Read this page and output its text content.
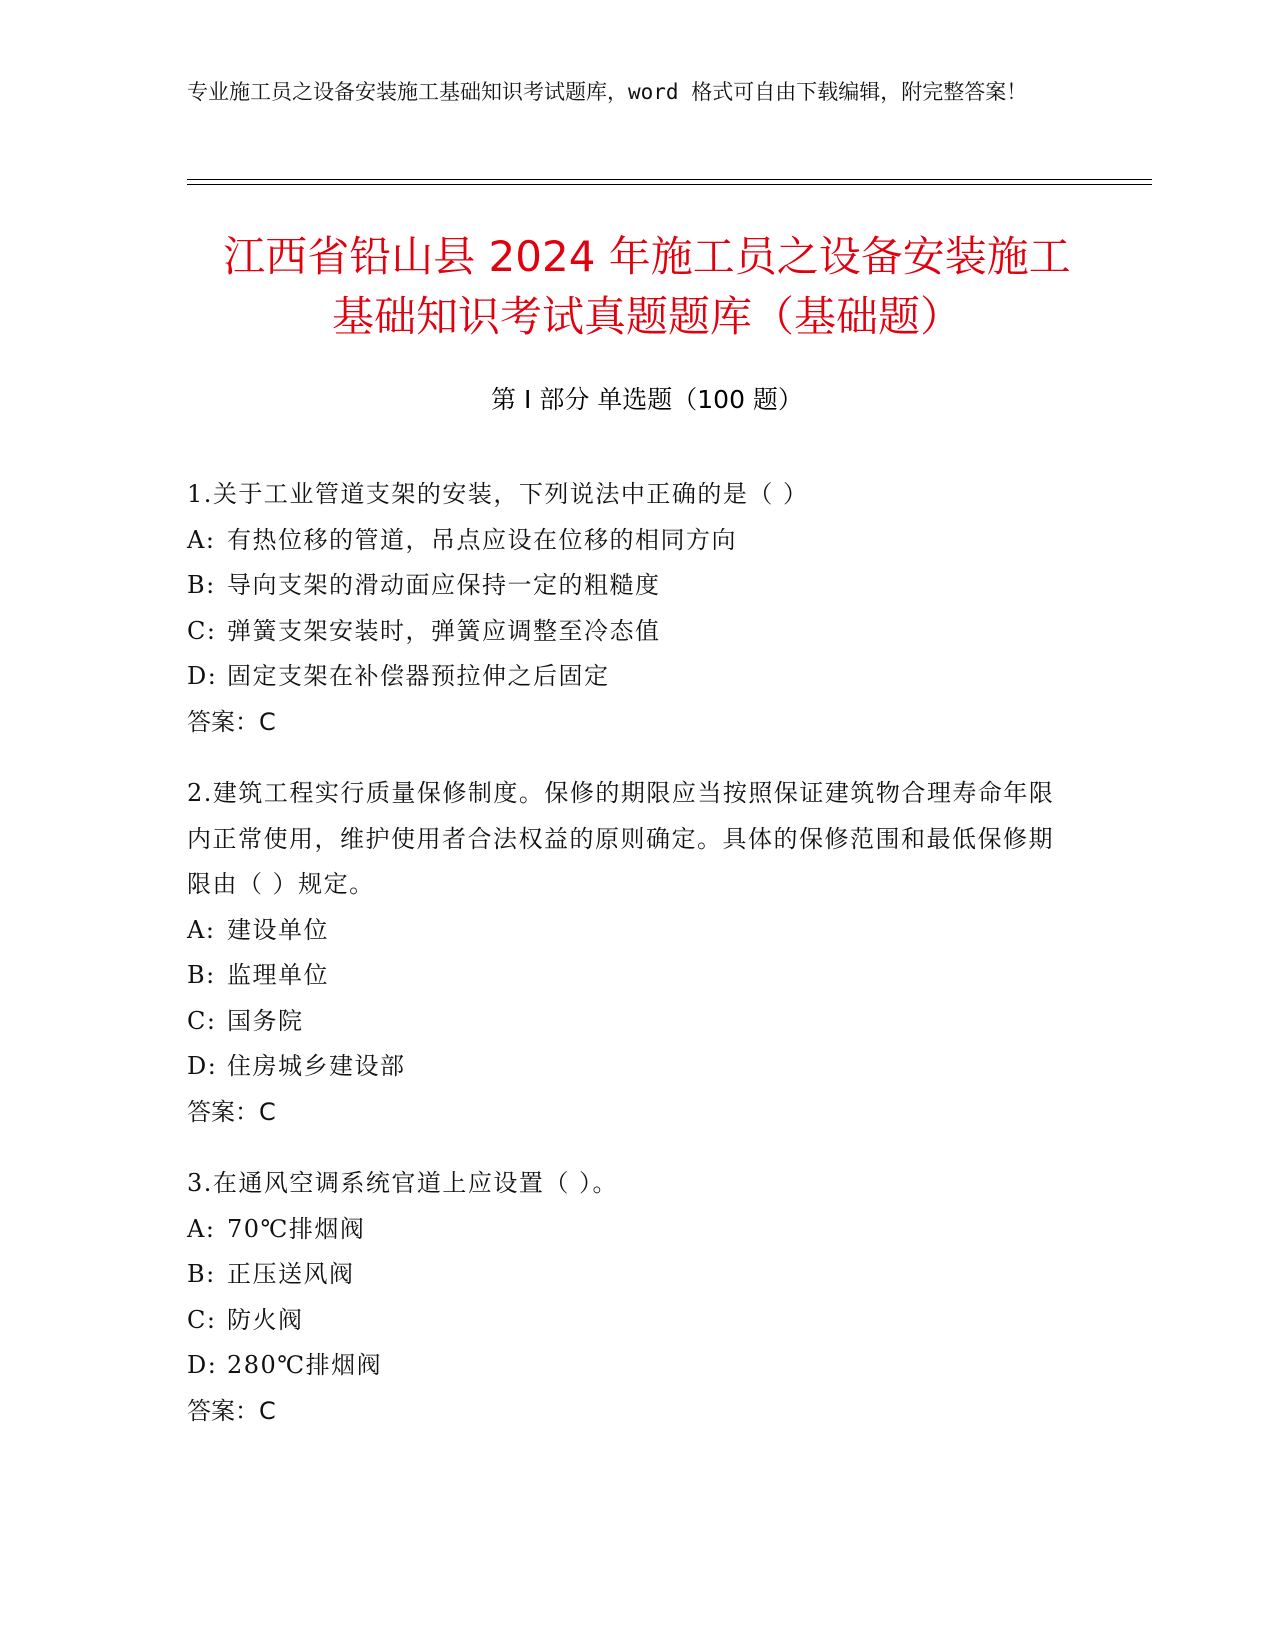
专业施工员之设备安装施工基础知识考试题库，word 格式可自由下载编辑，附完整答案！
江西省铅山县 2024 年施工员之设备安装施工
基础知识考试真题题库（基础题）
第 I 部分 单选题（100 题）
1 . 关于工业管道支架的安装，下列说法中正确的是（ ）
A : 有热位移的管道，吊点应设在位移的相同方向
B : 导向支架的滑动面应保持一定的粗糙度
C : 弹簧支架安装时，弹簧应调整至冷态值
D : 固定支架在补偿器预拉伸之后固定
答案：C
2 . 建筑工程实行质量保修制度。保修的期限应当按照保证建筑物合理寿命年限内正常使用，维护使用者合法权益的原则确定。具体的保修范围和最低保修期限由（ ）规定。
A : 建设单位
B : 监理单位
C : 国务院
D : 住房城乡建设部
答案：C
3 . 在通风空调系统官道上应设置（ ）。
A : 70℃排烟阀
B : 正压送风阀
C : 防火阀
D : 280℃排烟阀
答案：C
